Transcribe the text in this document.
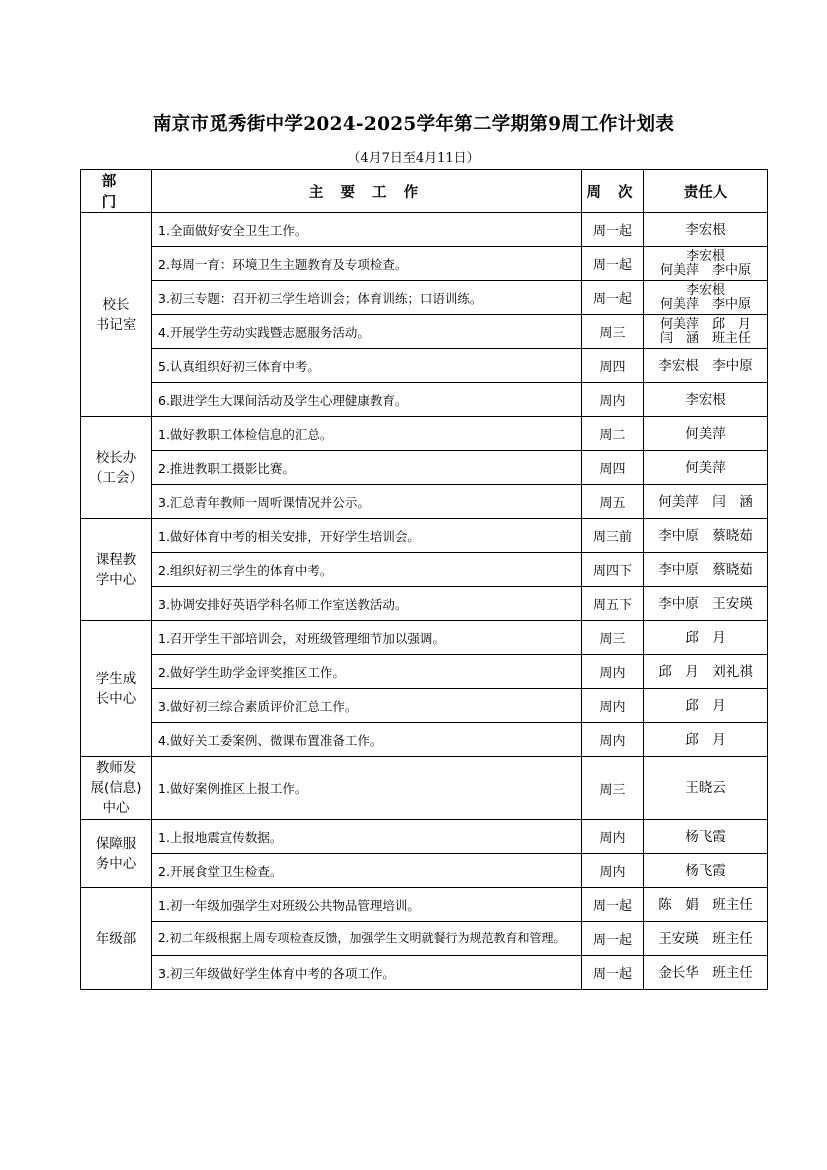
南京市觅秀街中学2024-2025学年第二学期第9周工作计划表
（4月7日至4月11日）
部 门	主 要 工 作	周 次	责任人
校长
书记室	1.全面做好安全卫生工作。	周一起	李宏根
	2.每周一育：环境卫生主题教育及专项检查。	周一起	李宏根
何美萍　李中原
	3.初三专题：召开初三学生培训会；体育训练；口语训练。	周一起	李宏根
何美萍　李中原
	4.开展学生劳动实践暨志愿服务活动。	周三	何美萍　邱　月
闫　涵　班主任
	5.认真组织好初三体育中考。	周四	李宏根　李中原
	6.跟进学生大课间活动及学生心理健康教育。	周内	李宏根
校长办
（工会）	1.做好教职工体检信息的汇总。	周二	何美萍
	2.推进教职工摄影比赛。	周四	何美萍
	3.汇总青年教师一周听课情况并公示。	周五	何美萍　闫　涵
课程教
学中心	1.做好体育中考的相关安排，开好学生培训会。	周三前	李中原　蔡晓茹
	2.组织好初三学生的体育中考。	周四下	李中原　蔡晓茹
	3.协调安排好英语学科名师工作室送教活动。	周五下	李中原　王安瑛
学生成
长中心	1.召开学生干部培训会，对班级管理细节加以强调。	周三	邱　月
	2.做好学生助学金评奖推区工作。	周内	邱　月　刘礼祺
	3.做好初三综合素质评价汇总工作。	周内	邱　月
	4.做好关工委案例、微课布置准备工作。	周内	邱　月
教师发
展(信息)
中心	1.做好案例推区上报工作。	周三	王晓云
保障服
务中心	1.上报地震宣传数据。	周内	杨飞霞
	2.开展食堂卫生检查。	周内	杨飞霞
年级部	1.初一年级加强学生对班级公共物品管理培训。	周一起	陈　娟　班主任
	2.初二年级根据上周专项检查反馈，加强学生文明就餐行为规范教育和管理。	周一起	王安瑛　班主任
	3.初三年级做好学生体育中考的各项工作。	周一起	金长华　班主任
